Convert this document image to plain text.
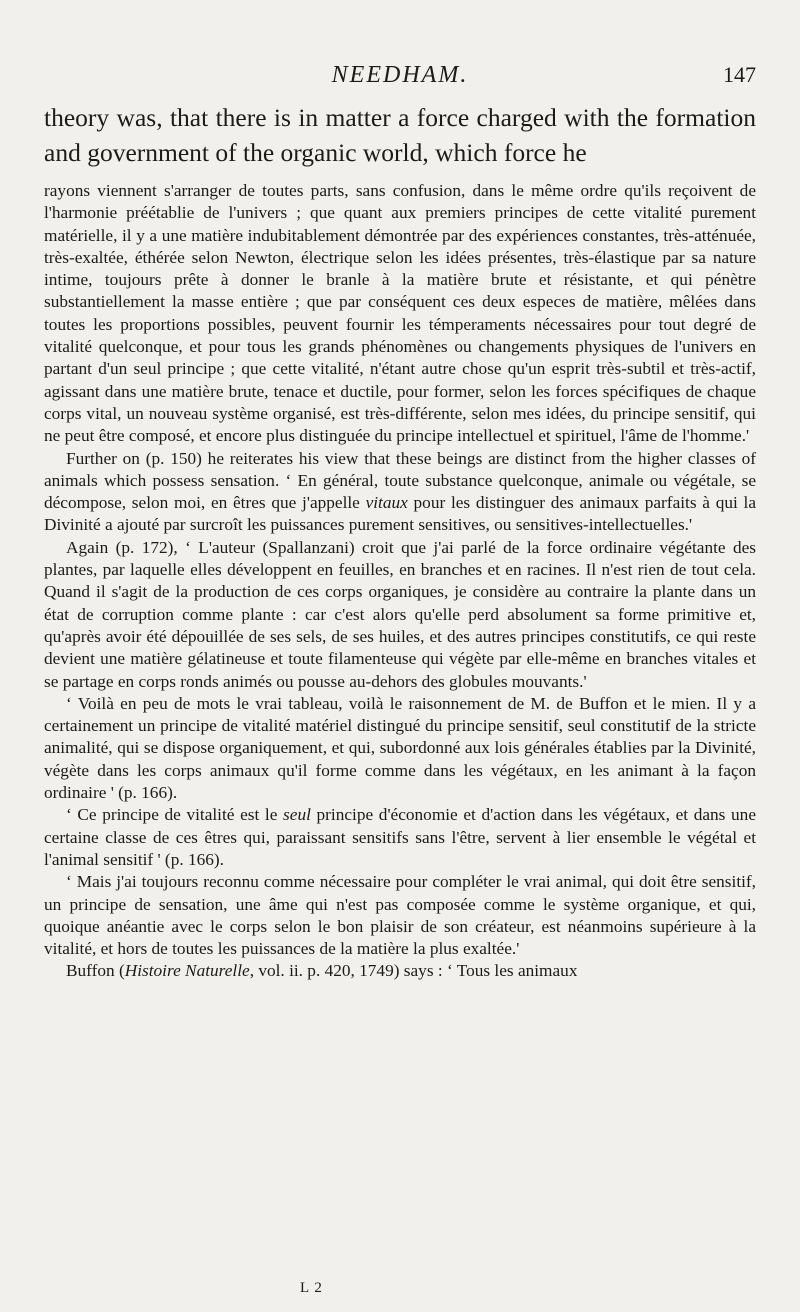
NEEDHAM.	147
theory was, that there is in matter a force charged with the formation and government of the organic world, which force he

rayons viennent s'arranger de toutes parts, sans confusion, dans le même ordre qu'ils reçoivent de l'harmonie préétablie de l'univers ; que quant aux premiers principes de cette vitalité purement matérielle, il y a une matière indubitablement démontrée par des expériences constantes, très-atténuée, très-exaltée, éthérée selon Newton, électrique selon les idées présentes, très-élastique par sa nature intime, toujours prête à donner le branle à la matière brute et résistante, et qui pénètre substantiellement la masse entière ; que par conséquent ces deux especes de matière, mêlées dans toutes les proportions possibles, peuvent fournir les témperaments nécessaires pour tout degré de vitalité quelconque, et pour tous les grands phénomènes ou changements physiques de l'univers en partant d'un seul principe ; que cette vitalité, n'étant autre chose qu'un esprit très-subtil et très-actif, agissant dans une matière brute, tenace et ductile, pour former, selon les forces spécifiques de chaque corps vital, un nouveau système organisé, est très-différente, selon mes idées, du principe sensitif, qui ne peut être composé, et encore plus distinguée du principe intellectuel et spirituel, l'âme de l'homme.'

Further on (p. 150) he reiterates his view that these beings are distinct from the higher classes of animals which possess sensation. ‘ En général, toute substance quelconque, animale ou végétale, se décompose, selon moi, en êtres que j'appelle vitaux pour les distinguer des animaux parfaits à qui la Divinité a ajouté par surcroît les puissances purement sensitives, ou sensitives-intellectuelles.'

Again (p. 172), ‘ L'auteur (Spallanzani) croit que j'ai parlé de la force ordinaire végétante des plantes, par laquelle elles développent en feuilles, en branches et en racines. Il n'est rien de tout cela. Quand il s'agit de la production de ces corps organiques, je considère au contraire la plante dans un état de corruption comme plante : car c'est alors qu'elle perd absolument sa forme primitive et, qu'après avoir été dépouillée de ses sels, de ses huiles, et des autres principes constitutifs, ce qui reste devient une matière gélatineuse et toute filamenteuse qui végète par elle-même en branches vitales et se partage en corps ronds animés ou pousse au-dehors des globules mouvants.'

‘ Voilà en peu de mots le vrai tableau, voilà le raisonnement de M. de Buffon et le mien. Il y a certainement un principe de vitalité matériel distingué du principe sensitif, seul constitutif de la stricte animalité, qui se dispose organiquement, et qui, subordonné aux lois générales établies par la Divinité, végète dans les corps animaux qu'il forme comme dans les végétaux, en les animant à la façon ordinaire ' (p. 166).

‘ Ce principe de vitalité est le seul principe d'économie et d'action dans les végétaux, et dans une certaine classe de ces êtres qui, paraissant sensitifs sans l'être, servent à lier ensemble le végétal et l'animal sensitif ' (p. 166).

‘ Mais j'ai toujours reconnu comme nécessaire pour compléter le vrai animal, qui doit être sensitif, un principe de sensation, une âme qui n'est pas composée comme le système organique, et qui, quoique anéantie avec le corps selon le bon plaisir de son créateur, est néanmoins supérieure à la vitalité, et hors de toutes les puissances de la matière la plus exaltée.'

Buffon (Histoire Naturelle, vol. ii. p. 420, 1749) says : ‘ Tous les animaux

L 2
